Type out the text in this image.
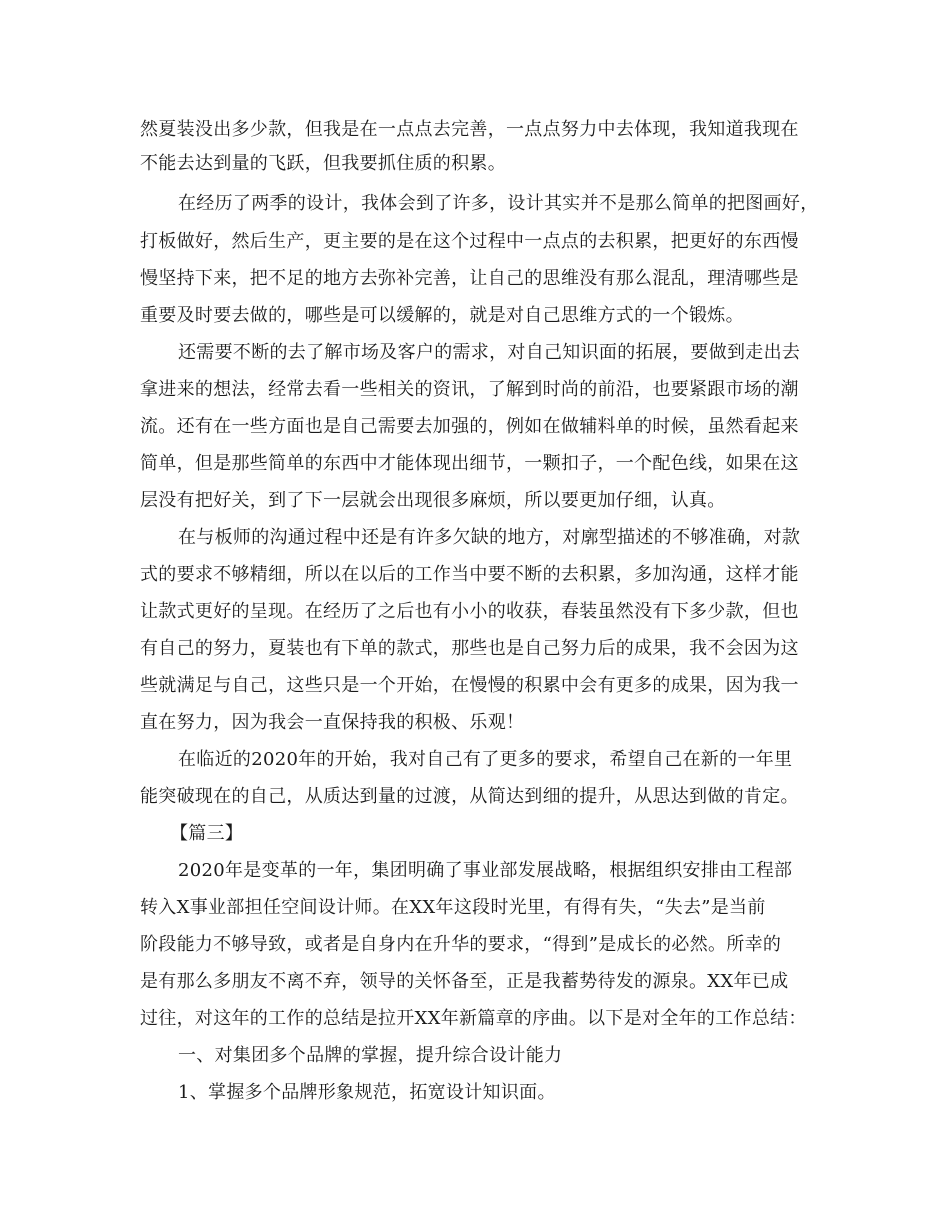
然夏装没出多少款，但我是在一点点去完善，一点点努力中去体现，我知道我现在
不能去达到量的飞跃，但我要抓住质的积累。
在经历了两季的设计，我体会到了许多，设计其实并不是那么简单的把图画好，
打板做好，然后生产，更主要的是在这个过程中一点点的去积累，把更好的东西慢
慢坚持下来，把不足的地方去弥补完善，让自己的思维没有那么混乱，理清哪些是
重要及时要去做的，哪些是可以缓解的，就是对自己思维方式的一个锻炼。
还需要不断的去了解市场及客户的需求，对自己知识面的拓展，要做到走出去
拿进来的想法，经常去看一些相关的资讯，了解到时尚的前沿，也要紧跟市场的潮
流。还有在一些方面也是自己需要去加强的，例如在做辅料单的时候，虽然看起来
简单，但是那些简单的东西中才能体现出细节，一颗扣子，一个配色线，如果在这
层没有把好关，到了下一层就会出现很多麻烦，所以要更加仔细，认真。
在与板师的沟通过程中还是有许多欠缺的地方，对廓型描述的不够准确，对款
式的要求不够精细，所以在以后的工作当中要不断的去积累，多加沟通，这样才能
让款式更好的呈现。在经历了之后也有小小的收获，春装虽然没有下多少款，但也
有自己的努力，夏装也有下单的款式，那些也是自己努力后的成果，我不会因为这
些就满足与自己，这些只是一个开始，在慢慢的积累中会有更多的成果，因为我一
直在努力，因为我会一直保持我的积极、乐观！
在临近的2020年的开始，我对自己有了更多的要求，希望自己在新的一年里
能突破现在的自己，从质达到量的过渡，从简达到细的提升，从思达到做的肯定。
【篇三】
2020年是变革的一年，集团明确了事业部发展战略，根据组织安排由工程部
转入X事业部担任空间设计师。在XX年这段时光里，有得有失，“失去”是当前
阶段能力不够导致，或者是自身内在升华的要求，“得到”是成长的必然。所幸的
是有那么多朋友不离不弃，领导的关怀备至，正是我蓄势待发的源泉。XX年已成
过往，对这年的工作的总结是拉开XX年新篇章的序曲。以下是对全年的工作总结：
一、对集团多个品牌的掌握，提升综合设计能力
1、掌握多个品牌形象规范，拓宽设计知识面。
